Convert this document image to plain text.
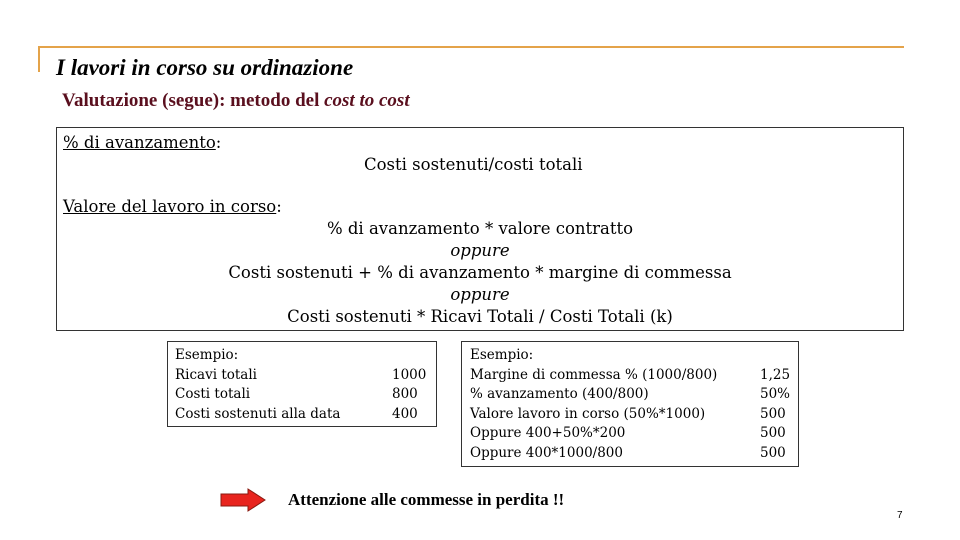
I lavori in corso su ordinazione
Valutazione (segue): metodo del cost to cost
% di avanzamento:
Costi sostenuti/costi totali
Valore del lavoro in corso:
% di avanzamento * valore contratto
oppure
Costi sostenuti + % di avanzamento * margine di commessa
oppure
Costi sostenuti * Ricavi Totali / Costi Totali (k)
Esempio:
Ricavi totali
Costi totali
Costi sostenuti alla data

1000
800
400
Esempio:
Margine di commessa % (1000/800)
% avanzamento (400/800)
Valore lavoro in corso (50%*1000)
Oppure 400+50%*200
Oppure 400*1000/800

1,25
50%
500
500
500
Attenzione alle commesse in perdita !!
7
